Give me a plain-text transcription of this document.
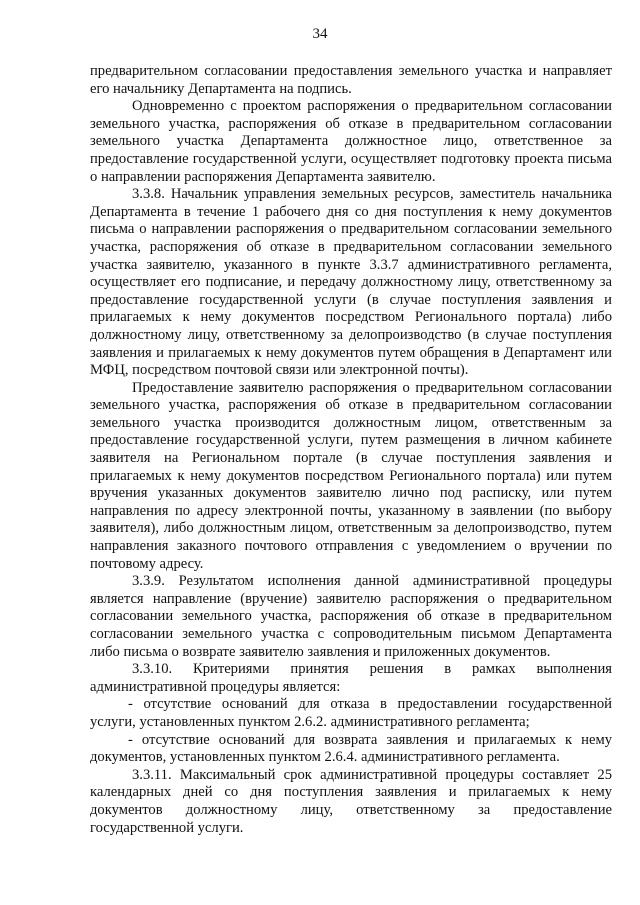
34

предварительном согласовании предоставления земельного участка и направляет его начальнику Департамента на подпись.

Одновременно с проектом распоряжения о предварительном согласовании земельного участка, распоряжения об отказе в предварительном согласовании земельного участка Департамента должностное лицо, ответственное за предоставление государственной услуги, осуществляет подготовку проекта письма о направлении распоряжения Департамента заявителю.

3.3.8. Начальник управления земельных ресурсов, заместитель начальника Департамента в течение 1 рабочего дня со дня поступления к нему документов письма о направлении распоряжения о предварительном согласовании земельного участка, распоряжения об отказе в предварительном согласовании земельного участка заявителю, указанного в пункте 3.3.7 административного регламента, осуществляет его подписание, и передачу должностному лицу, ответственному за предоставление государственной услуги (в случае поступления заявления и прилагаемых к нему документов посредством Регионального портала) либо должностному лицу, ответственному за делопроизводство (в случае поступления заявления и прилагаемых к нему документов путем обращения в Департамент или МФЦ, посредством почтовой связи или электронной почты).

Предоставление заявителю распоряжения о предварительном согласовании земельного участка, распоряжения об отказе в предварительном согласовании земельного участка производится должностным лицом, ответственным за предоставление государственной услуги, путем размещения в личном кабинете заявителя на Региональном портале (в случае поступления заявления и прилагаемых к нему документов посредством Регионального портала) или путем вручения указанных документов заявителю лично под расписку, или путем направления по адресу электронной почты, указанному в заявлении (по выбору заявителя), либо должностным лицом, ответственным за делопроизводство, путем направления заказного почтового отправления с уведомлением о вручении по почтовому адресу.

3.3.9. Результатом исполнения данной административной процедуры является направление (вручение) заявителю распоряжения о предварительном согласовании земельного участка, распоряжения об отказе в предварительном согласовании земельного участка с сопроводительным письмом Департамента либо письма о возврате заявителю заявления и приложенных документов.

3.3.10. Критериями принятия решения в рамках выполнения административной процедуры является:

- отсутствие оснований для отказа в предоставлении государственной услуги, установленных пунктом 2.6.2. административного регламента;

- отсутствие оснований для возврата заявления и прилагаемых к нему документов, установленных пунктом 2.6.4. административного регламента.

3.3.11. Максимальный срок административной процедуры составляет 25 календарных дней со дня поступления заявления и прилагаемых к нему документов должностному лицу, ответственному за предоставление государственной услуги.
